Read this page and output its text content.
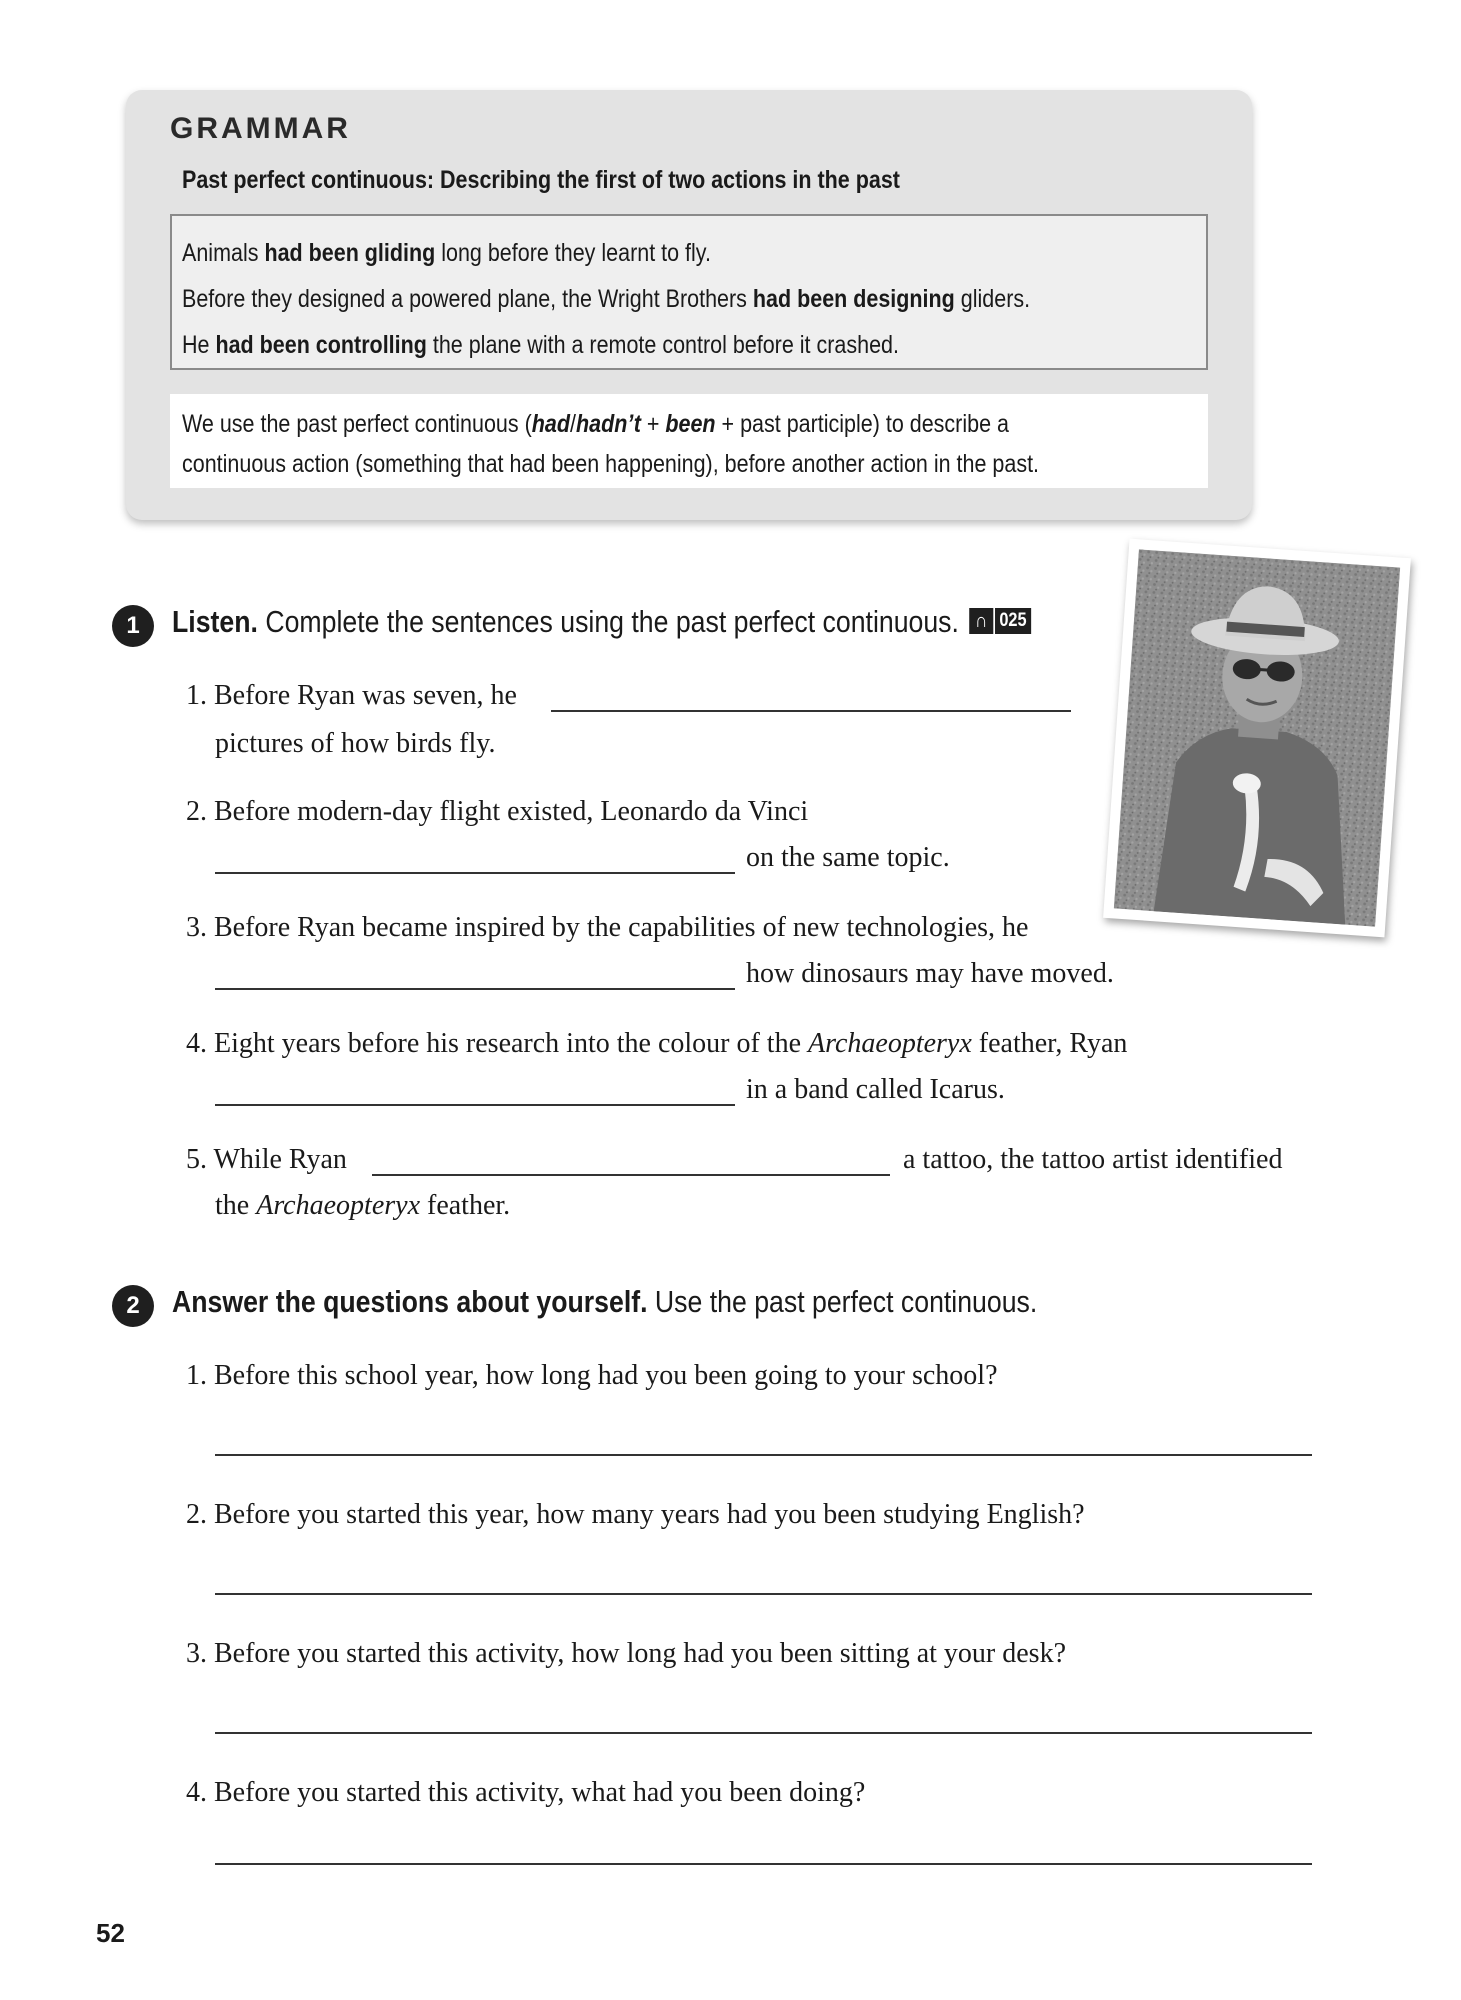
GRAMMAR
Past perfect continuous: Describing the first of two actions in the past
Animals had been gliding long before they learnt to fly.
Before they designed a powered plane, the Wright Brothers had been designing gliders.
He had been controlling the plane with a remote control before it crashed.
We use the past perfect continuous (had/hadn’t + been + past participle) to describe a
continuous action (something that had been happening), before another action in the past.
1	Listen. Complete the sentences using the past perfect continuous. ∩ 025
1. Before Ryan was seven, he
pictures of how birds fly.
2. Before modern-day flight existed, Leonardo da Vinci
on the same topic.
3. Before Ryan became inspired by the capabilities of new technologies, he
how dinosaurs may have moved.
4. Eight years before his research into the colour of the Archaeopteryx feather, Ryan
in a band called Icarus.
5. While Ryan	a tattoo, the tattoo artist identified
the Archaeopteryx feather.
2	Answer the questions about yourself. Use the past perfect continuous.
1. Before this school year, how long had you been going to your school?
2. Before you started this year, how many years had you been studying English?
3. Before you started this activity, how long had you been sitting at your desk?
4. Before you started this activity, what had you been doing?
52
